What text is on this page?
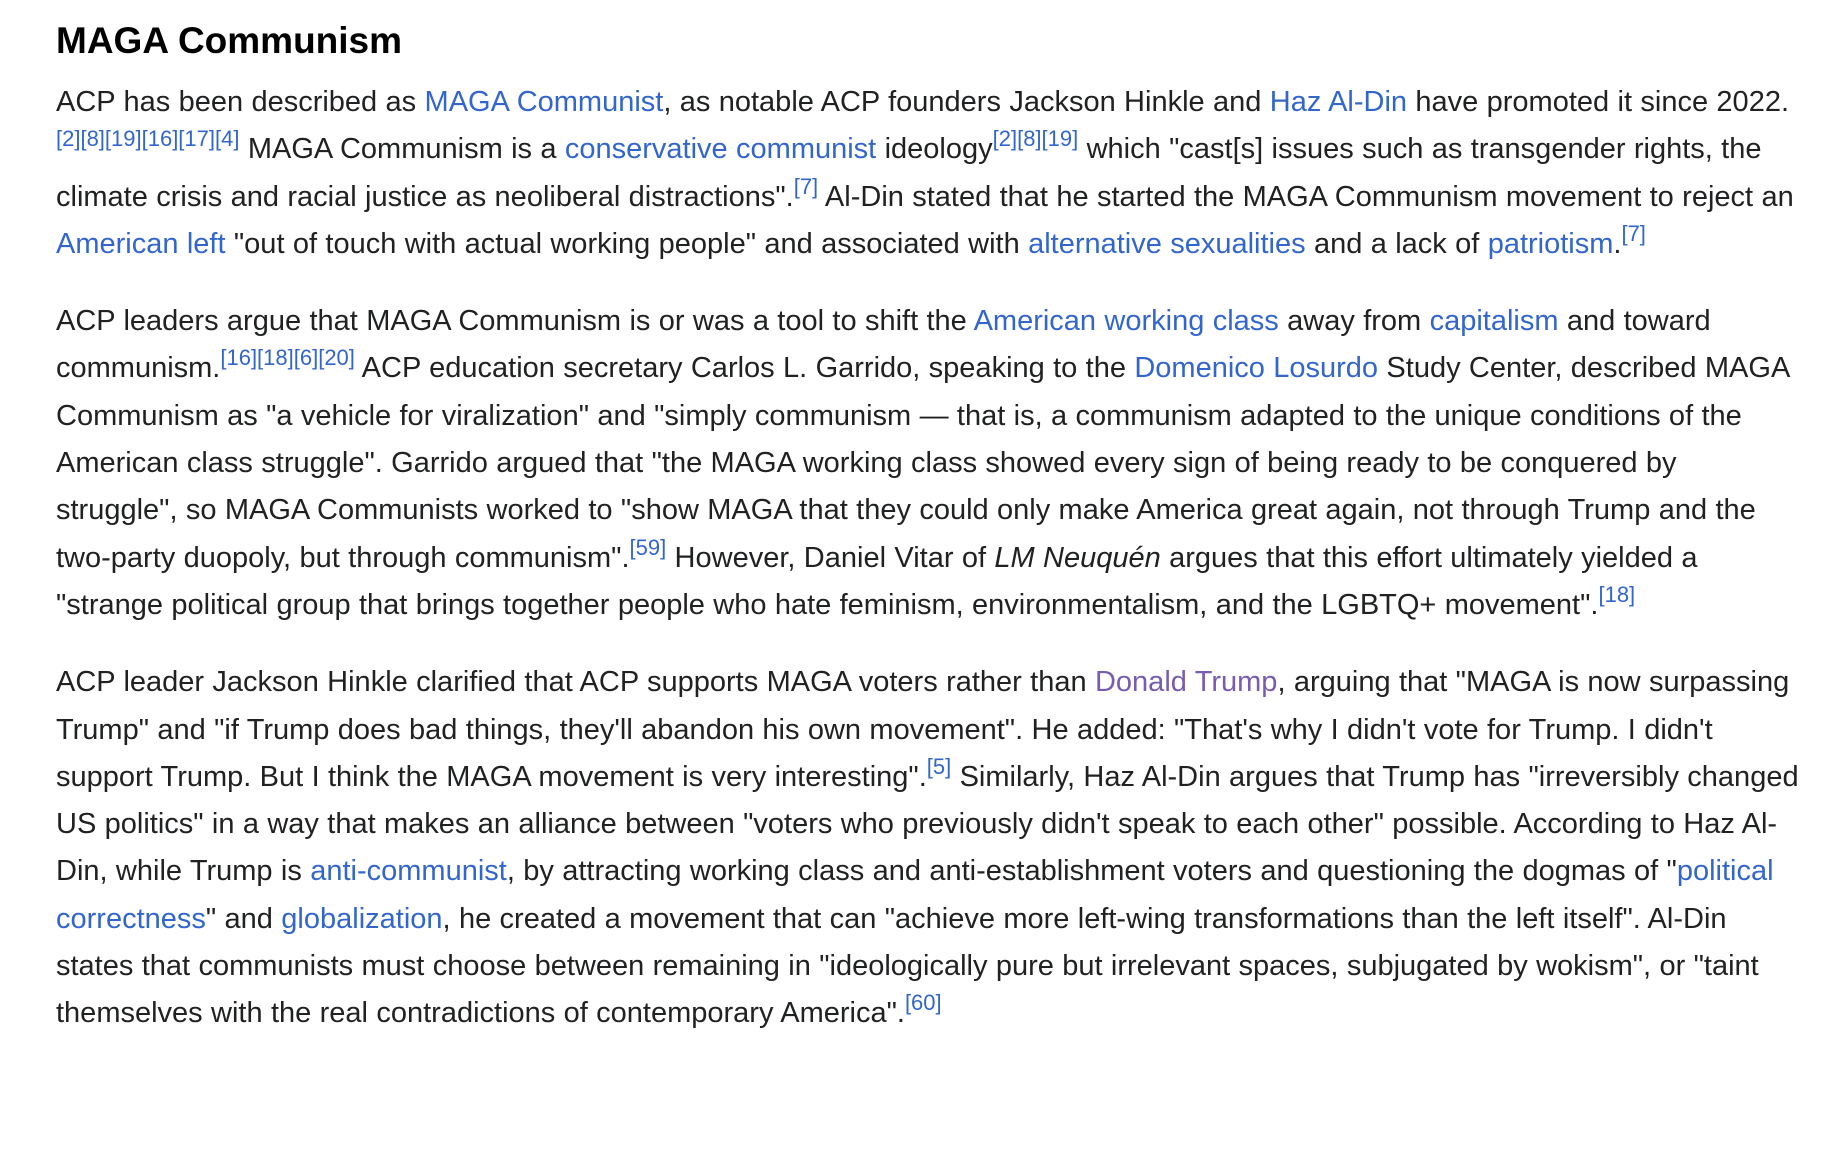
MAGA Communism

ACP has been described as MAGA Communist, as notable ACP founders Jackson Hinkle and Haz Al-Din have promoted it since 2022.[2][8][19][16][17][4] MAGA Communism is a conservative communist ideology[2][8][19] which "cast[s] issues such as transgender rights, the climate crisis and racial justice as neoliberal distractions".[7] Al-Din stated that he started the MAGA Communism movement to reject an American left "out of touch with actual working people" and associated with alternative sexualities and a lack of patriotism.[7]

ACP leaders argue that MAGA Communism is or was a tool to shift the American working class away from capitalism and toward communism.[16][18][6][20] ACP education secretary Carlos L. Garrido, speaking to the Domenico Losurdo Study Center, described MAGA Communism as "a vehicle for viralization" and "simply communism — that is, a communism adapted to the unique conditions of the American class struggle". Garrido argued that "the MAGA working class showed every sign of being ready to be conquered by struggle", so MAGA Communists worked to "show MAGA that they could only make America great again, not through Trump and the two-party duopoly, but through communism".[59] However, Daniel Vitar of LM Neuquén argues that this effort ultimately yielded a "strange political group that brings together people who hate feminism, environmentalism, and the LGBTQ+ movement".[18]

ACP leader Jackson Hinkle clarified that ACP supports MAGA voters rather than Donald Trump, arguing that "MAGA is now surpassing Trump" and "if Trump does bad things, they'll abandon his own movement". He added: "That's why I didn't vote for Trump. I didn't support Trump. But I think the MAGA movement is very interesting".[5] Similarly, Haz Al-Din argues that Trump has "irreversibly changed US politics" in a way that makes an alliance between "voters who previously didn't speak to each other" possible. According to Haz Al-Din, while Trump is anti-communist, by attracting working class and anti-establishment voters and questioning the dogmas of "political correctness" and globalization, he created a movement that can "achieve more left-wing transformations than the left itself". Al-Din states that communists must choose between remaining in "ideologically pure but irrelevant spaces, subjugated by wokism", or "taint themselves with the real contradictions of contemporary America".[60]
